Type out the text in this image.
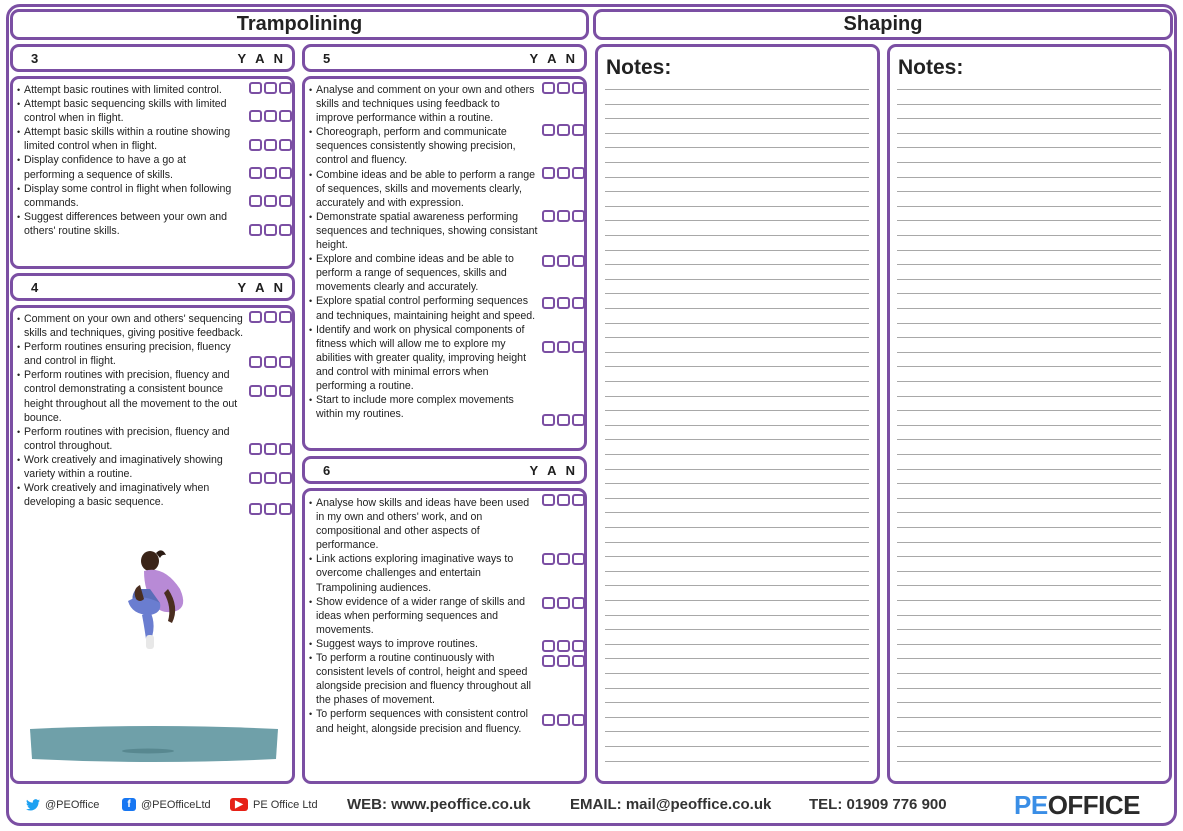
Trampolining	Shaping
3	Y A N
• Attempt basic routines with limited control.
• Attempt basic sequencing skills with limited control when in flight.
• Attempt basic skills within a routine showing limited control when in flight.
• Display confidence to have a go at performing a sequence of skills.
• Display some control in flight when following commands.
• Suggest differences between your own and others' routine skills.
4	Y A N
• Comment on your own and others' sequencing skills and techniques, giving positive feedback.
• Perform routines ensuring precision, fluency and control in flight.
• Perform routines with precision, fluency and control demonstrating a consistent bounce height throughout all the movement to the out bounce.
• Perform routines with precision, fluency and control throughout.
• Work creatively and imaginatively showing variety within a routine.
• Work creatively and imaginatively when developing a basic sequence.
5	Y A N
• Analyse and comment on your own and others skills and techniques using feedback to improve performance within a routine.
• Choreograph, perform and communicate sequences consistently showing precision, control and fluency.
• Combine ideas and be able to perform a range of sequences, skills and movements clearly, accurately and with expression.
• Demonstrate spatial awareness performing sequences and techniques, showing consistant height.
• Explore and combine ideas and be able to perform a range of sequences, skills and movements clearly and accurately.
• Explore spatial control performing sequences and techniques, maintaining height and speed.
• Identify and work on physical components of fitness which will allow me to explore my abilities with greater quality, improving height and control with minimal errors when performing a routine.
• Start to include more complex movements within my routines.
6	Y A N
• Analyse how skills and ideas have been used in my own and others' work, and on compositional and other aspects of performance.
• Link actions exploring imaginative ways to overcome challenges and entertain Trampolining audiences.
• Show evidence of a wider range of skills and ideas when performing sequences and movements.
• Suggest ways to improve routines.
• To perform a routine continuously with consistent levels of control, height and speed alongside precision and fluency throughout all the phases of movement.
• To perform sequences with consistent control and height, alongside precision and fluency.
Notes:	Notes:
@PEOffice	f @PEOfficeLtd	▶ PE Office Ltd WEB: www.peoffice.co.uk	EMAIL: mail@peoffice.co.uk	TEL: 01909 776 900	PEOFFICE
